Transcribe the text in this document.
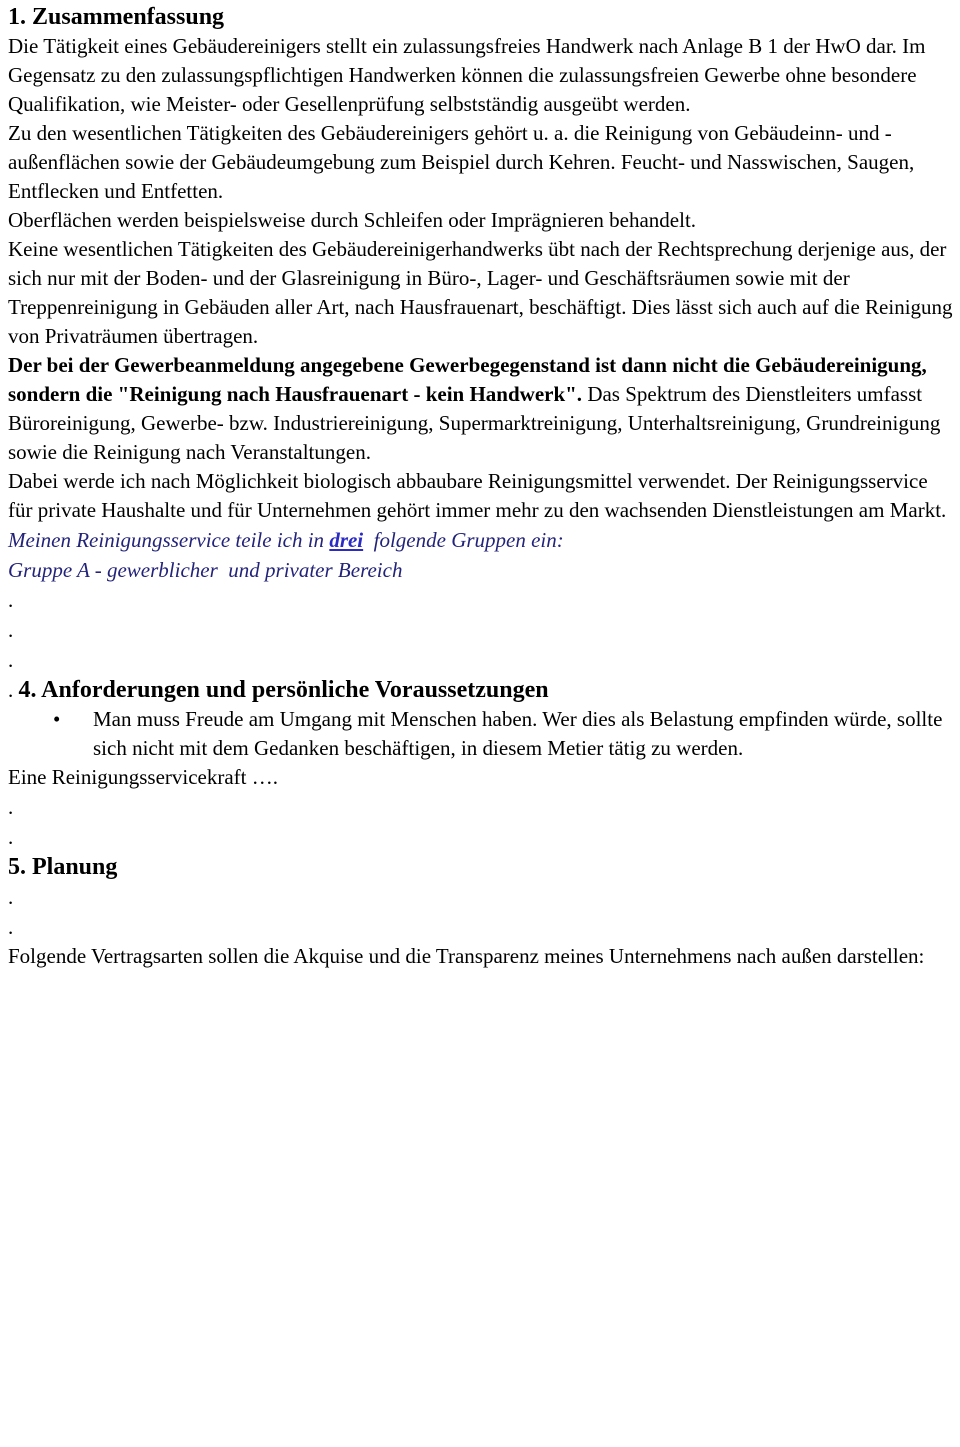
1. Zusammenfassung

Die Tätigkeit eines Gebäudereinigers stellt ein zulassungsfreies Handwerk nach Anlage B 1 der HwO dar. Im Gegensatz zu den zulassungspflichtigen Handwerken können die zulassungsfreien Gewerbe ohne besondere Qualifikation, wie Meister- oder Gesellenprüfung selbstständig ausgeübt werden.

Zu den wesentlichen Tätigkeiten des Gebäudereinigers gehört u. a. die Reinigung von Gebäudeinn- und -außenflächen sowie der Gebäudeumgebung zum Beispiel durch Kehren. Feucht- und Nasswischen, Saugen, Entflecken und Entfetten.

Oberflächen werden beispielsweise durch Schleifen oder Imprägnieren behandelt.

Keine wesentlichen Tätigkeiten des Gebäudereinigerhandwerks übt nach der Rechtsprechung derjenige aus, der sich nur mit der Boden- und der Glasreinigung in Büro-, Lager- und Geschäftsräumen sowie mit der Treppenreinigung in Gebäuden aller Art, nach Hausfrauenart, beschäftigt. Dies lässt sich auch auf die Reinigung von Privaträumen übertragen.

Der bei der Gewerbeanmeldung angegebene Gewerbegegenstand ist dann nicht die Gebäudereinigung, sondern die "Reinigung nach Hausfrauenart - kein Handwerk". Das Spektrum des Dienstleiters umfasst Büroreinigung, Gewerbe- bzw. Industriereinigung, Supermarktreinigung, Unterhaltsreinigung, Grundreinigung sowie die Reinigung nach Veranstaltungen.

Dabei werde ich nach Möglichkeit biologisch abbaubare Reinigungsmittel verwendet. Der Reinigungsservice für private Haushalte und für Unternehmen gehört immer mehr zu den wachsenden Dienstleistungen am Markt.

Meinen Reinigungsservice teile ich in drei  folgende Gruppen ein:

Gruppe A - gewerblicher  und privater Bereich

.

.

.

. 4. Anforderungen und persönliche Voraussetzungen
• Man muss Freude am Umgang mit Menschen haben. Wer dies als Belastung empfinden würde, sollte sich nicht mit dem Gedanken beschäftigen, in diesem Metier tätig zu werden.

Eine Reinigungsservicekraft ….

.

.

5. Planung

.

.

Folgende Vertragsarten sollen die Akquise und die Transparenz meines Unternehmens nach außen darstellen:
